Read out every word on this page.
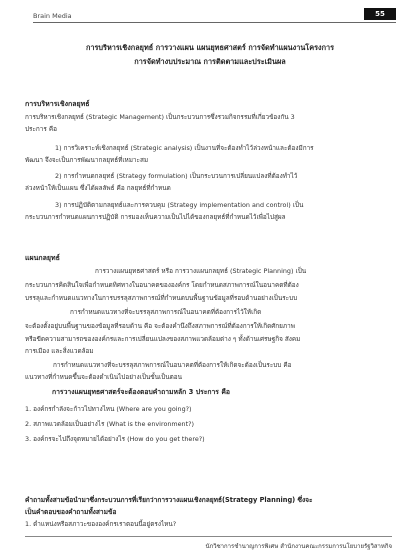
Brain Media	55
การบริหารเชิงกลยุทธ์ การวางแผน แผนยุทธศาสตร์ การจัดทำแผนงานโครงการ
การจัดทำงบประมาณ การติดตามและประเมินผล
การบริหารเชิงกลยุทธ์
การบริหารเชิงกลยุทธ์ (Strategic Management) เป็นกระบวนการซึ่งรวมกิจกรรมที่เกี่ยวข้องกัน 3
ประการ คือ
1) การวิเคราะห์เชิงกลยุทธ์ (Strategic analysis) เป็นงานที่จะต้องทำไว้ล่วงหน้าและต้องมีการ
พัฒนา จึงจะเป็นการพัฒนากลยุทธ์ที่เหมาะสม
2) การกำหนดกลยุทธ์ (Strategy formulation) เป็นกระบวนการเปลี่ยนแปลงที่ต้องทำไว้
ล่วงหน้าให้เป็นแผน ซึ่งได้ผลลัพธ์ คือ กลยุทธ์ที่กำหนด
3) การปฏิบัติตามกลยุทธ์และการควบคุม (Strategy implementation and control) เป็น
กระบวนการกำหนดแผนการปฏิบัติ การมองเห็นความเป็นไปได้ของกลยุทธ์ที่กำหนดไว้เพื่อไปสู่ผล
แผนกลยุทธ์
การวางแผนยุทธศาสตร์ หรือ การวางแผนกลยุทธ์ (Strategic Planning) เป็น
กระบวนการคิดสินใจเพื่อกำหนดทิศทางในอนาคตขององค์กร โดยกำหนดสภาพการณ์ในอนาคตที่ต้อง
บรรลุและกำหนดแนวทางในการบรรลุสภาพการณ์ที่กำหนดบนพื้นฐานข้อมูลที่รอบด้านอย่างเป็นระบบ
การกำหนดแนวทางที่จะบรรลุสภาพการณ์ในอนาคตที่ต้องการไว้ให้เกิด
จะต้องตั้งอยู่บนพื้นฐานของข้อมูลที่รอบด้าน คือ จะต้องคำนึงถึงสภาพการณ์ที่ต้องการให้เกิดศักยภาพ
หรือขีดความสามารถขององค์กรและการเปลี่ยนแปลงของสภาพแวดล้อมต่าง ๆ ทั้งด้านเศรษฐกิจ สังคม
การเมือง และสิ่งแวดล้อม
การกำหนดแนวทางที่จะบรรลุสภาพการณ์ในอนาคตที่ต้องการให้เกิดจะต้องเป็นระบบ คือ
แนวทางที่กำหนดขึ้นจะต้องดำเนินไปอย่างเป็นขั้นเป็นตอน
การวางแผนยุทธศาสตร์จะต้องตอบคำถามหลัก 3 ประการ คือ
1. องค์กรกำลังจะก้าวไปทางไหน (Where are you going?)
2. สภาพแวดล้อมเป็นอย่างไร (What is the environment?)
3. องค์กรจะไปถึงจุดหมายได้อย่างไร (How do you get there?)
คำถามทั้งสามข้อนำมาซึ่งกระบวนการที่เรียกว่าการวางแผนเชิงกลยุทธ์(Strategy Planning) ซึ่งจะ
เป็นคำตอบของคำถามทั้งสามข้อ
1. ตำแหน่งหรือสภาวะขององค์กรเราตอนนี้อยู่ตรงไหน?
นักวิชาการชำนาญการพิเศษ สำนักงานคณะกรรมการนโยบายรัฐวิสาหกิจ
